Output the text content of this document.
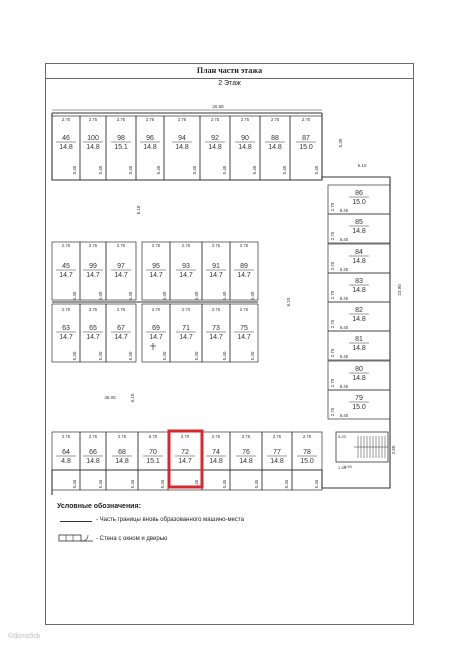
План части этажа
2 Этаж
20.55
46
14.8
2.75
5.45
100
14.8
2.75
5.45
98
15.1
2.75
5.45
96
14.8
2.75
5.45
94
14.8
2.75
5.45
92
14.8
2.75
5.45
90
14.8
2.75
5.45
88
14.8
2.75
5.45
87
15.0
2.75
5.45
5.30
5.10
6.10
45
14.7
2.75
5.40
99
14.7
2.75
5.40
97
14.7
2.75
5.40
95
14.7
2.75
5.40
93
14.7
2.75
5.40
91
14.7
2.75
5.40
89
14.7
2.75
5.40
63
14.7
2.75
5.40
65
14.7
2.75
5.40
67
14.7
2.75
5.40
69
14.7
2.70
5.40
71
14.7
2.70
5.40
73
14.7
2.75
5.40
75
14.7
2.75
5.40
6.10
23.90
46.00	6.10
64
4.8
2.75
5.45
66
14.8
2.75
5.45
68
14.8
2.75
5.45
70
15.1
8.75
5.45
72
14.7
2.70
5.45
74
14.8
2.75
5.45
76
14.8
2.75
5.45
77
14.8
2.75
5.45
78
15.0
2.75
5.45
86
15.0
2.75 5.45
85
14.8
2.75 5.45
84
14.8
2.75 5.45
83
14.8
2.75 5.45
82
14.8
2.75 5.45
81
14.8
2.75 5.45
80
14.8
2.75 5.45
79
15.0
2.75 5.45
5.20
3.90
1.38
2.60
Условные обозначения:
- Часть границы вновь образованного машино-места
- Стена с окном и дверью
©domclick
